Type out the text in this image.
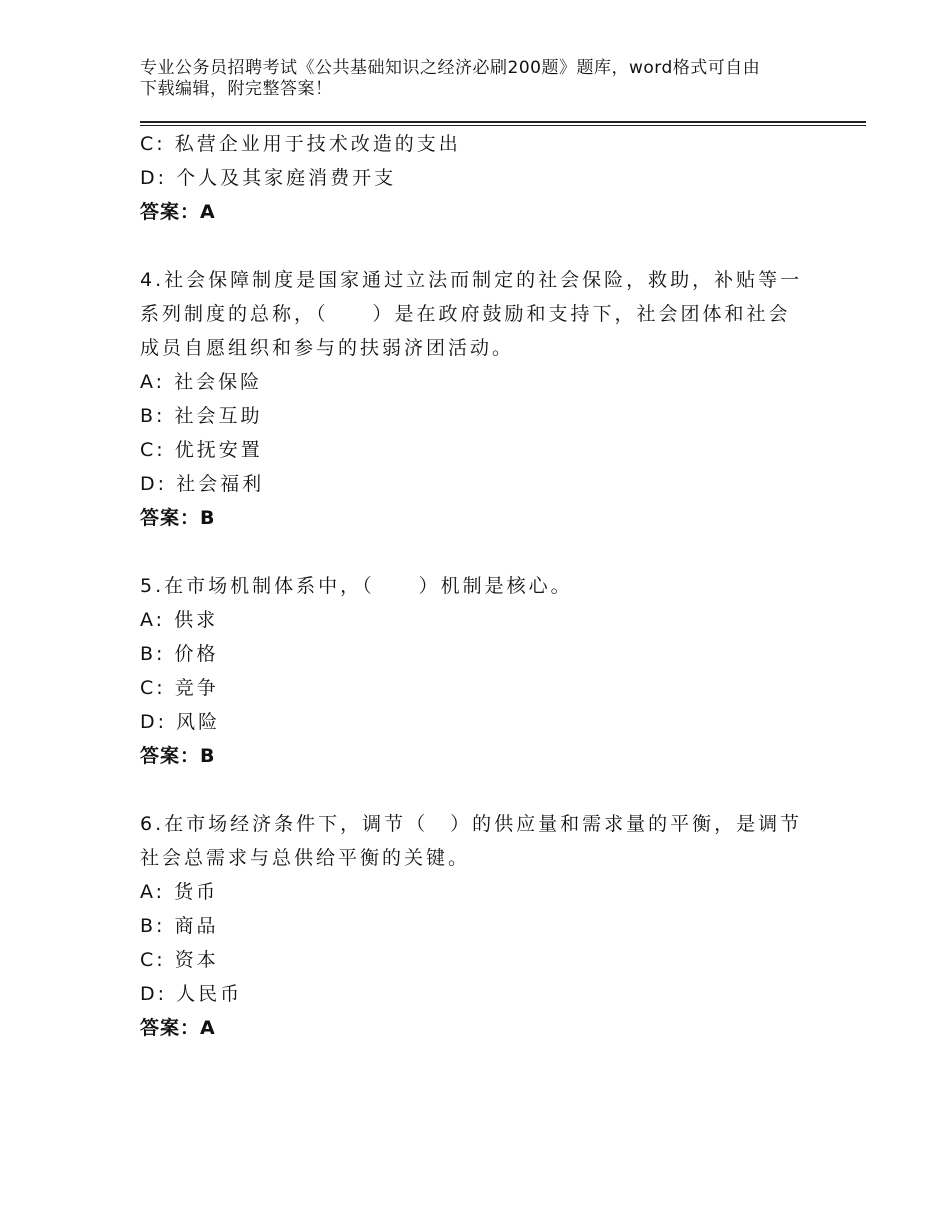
专业公务员招聘考试《公共基础知识之经济必刷200题》题库，word格式可自由
下载编辑，附完整答案！
C: 私营企业用于技术改造的支出
D: 个人及其家庭消费开支
答案：A
4.社会保障制度是国家通过立法而制定的社会保险，救助，补贴等一
系列制度的总称，（　　）是在政府鼓励和支持下，社会团体和社会
成员自愿组织和参与的扶弱济团活动。
A: 社会保险
B: 社会互助
C: 优抚安置
D: 社会福利
答案：B
5.在市场机制体系中，（　　）机制是核心。
A: 供求
B: 价格
C: 竞争
D: 风险
答案：B
6.在市场经济条件下，调节（　）的供应量和需求量的平衡，是调节
社会总需求与总供给平衡的关键。
A: 货币
B: 商品
C: 资本
D: 人民币
答案：A
